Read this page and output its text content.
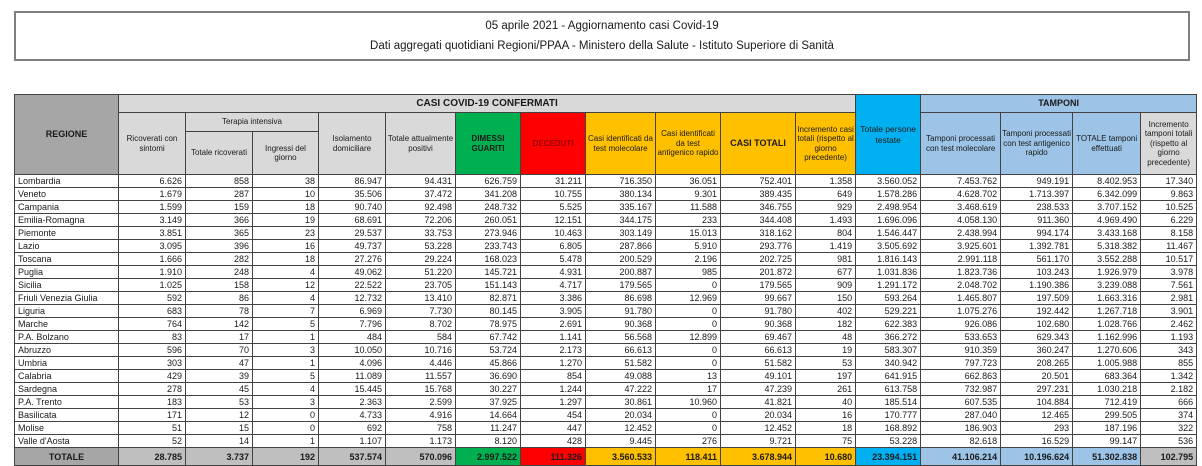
05 aprile 2021 - Aggiornamento casi Covid-19
Dati aggregati quotidiani Regioni/PPAA - Ministero della Salute - Istituto Superiore di Sanità
REGIONE	CASI COVID-19 CONFERMATI											Totale persone testate	TAMPONI			
	Ricoverati con sintomi	Terapia intensiva		Isolamento domiciliare	Totale attualmente positivi	DIMESSI GUARITI	DECEDUTI	Casi identificati da test molecolare	Casi identificati da test antigenico rapido	CASI TOTALI	Incremento casi totali (rispetto al giorno precedente)		Tamponi processati con test molecolare	Tamponi processati con test antigenico rapido	TOTALE tamponi effettuati	Incremento tamponi totali (rispetto al giorno precedente)
		Totale ricoverati	Ingressi del giorno													
Lombardia	6.626	858	38	86.947	94.431	626.759	31.211	716.350	36.051	752.401	1.358	3.560.052	7.453.762	949.191	8.402.953	17.340
Veneto	1.679	287	10	35.506	37.472	341.208	10.755	380.134	9.301	389.435	649	1.578.286	4.628.702	1.713.397	6.342.099	9.863
Campania	1.599	159	18	90.740	92.498	248.732	5.525	335.167	11.588	346.755	929	2.498.954	3.468.619	238.533	3.707.152	10.525
Emilia-Romagna	3.149	366	19	68.691	72.206	260.051	12.151	344.175	233	344.408	1.493	1.696.096	4.058.130	911.360	4.969.490	6.229
Piemonte	3.851	365	23	29.537	33.753	273.946	10.463	303.149	15.013	318.162	804	1.546.447	2.438.994	994.174	3.433.168	8.158
Lazio	3.095	396	16	49.737	53.228	233.743	6.805	287.866	5.910	293.776	1.419	3.505.692	3.925.601	1.392.781	5.318.382	11.467
Toscana	1.666	282	18	27.276	29.224	168.023	5.478	200.529	2.196	202.725	981	1.816.143	2.991.118	561.170	3.552.288	10.517
Puglia	1.910	248	4	49.062	51.220	145.721	4.931	200.887	985	201.872	677	1.031.836	1.823.736	103.243	1.926.979	3.978
Sicilia	1.025	158	12	22.522	23.705	151.143	4.717	179.565	0	179.565	909	1.291.172	2.048.702	1.190.386	3.239.088	7.561
Friuli Venezia Giulia	592	86	4	12.732	13.410	82.871	3.386	86.698	12.969	99.667	150	593.264	1.465.807	197.509	1.663.316	2.981
Liguria	683	78	7	6.969	7.730	80.145	3.905	91.780	0	91.780	402	529.221	1.075.276	192.442	1.267.718	3.901
Marche	764	142	5	7.796	8.702	78.975	2.691	90.368	0	90.368	182	622.383	926.086	102.680	1.028.766	2.462
P.A. Bolzano	83	17	1	484	584	67.742	1.141	56.568	12.899	69.467	48	366.272	533.653	629.343	1.162.996	1.193
Abruzzo	596	70	3	10.050	10.716	53.724	2.173	66.613	0	66.613	19	583.307	910.359	360.247	1.270.606	343
Umbria	303	47	1	4.096	4.446	45.866	1.270	51.582	0	51.582	53	340.942	797.723	208.265	1.005.988	855
Calabria	429	39	5	11.089	11.557	36.690	854	49.088	13	49.101	197	641.915	662.863	20.501	683.364	1.342
Sardegna	278	45	4	15.445	15.768	30.227	1.244	47.222	17	47.239	261	613.758	732.987	297.231	1.030.218	2.182
P.A. Trento	183	53	3	2.363	2.599	37.925	1.297	30.861	10.960	41.821	40	185.514	607.535	104.884	712.419	666
Basilicata	171	12	0	4.733	4.916	14.664	454	20.034	0	20.034	16	170.777	287.040	12.465	299.505	374
Molise	51	15	0	692	758	11.247	447	12.452	0	12.452	18	168.892	186.903	293	187.196	322
Valle d'Aosta	52	14	1	1.107	1.173	8.120	428	9.445	276	9.721	75	53.228	82.618	16.529	99.147	536
TOTALE	28.785	3.737	192	537.574	570.096	2.997.522	111.326	3.560.533	118.411	3.678.944	10.680	23.394.151	41.106.214	10.196.624	51.302.838	102.795
